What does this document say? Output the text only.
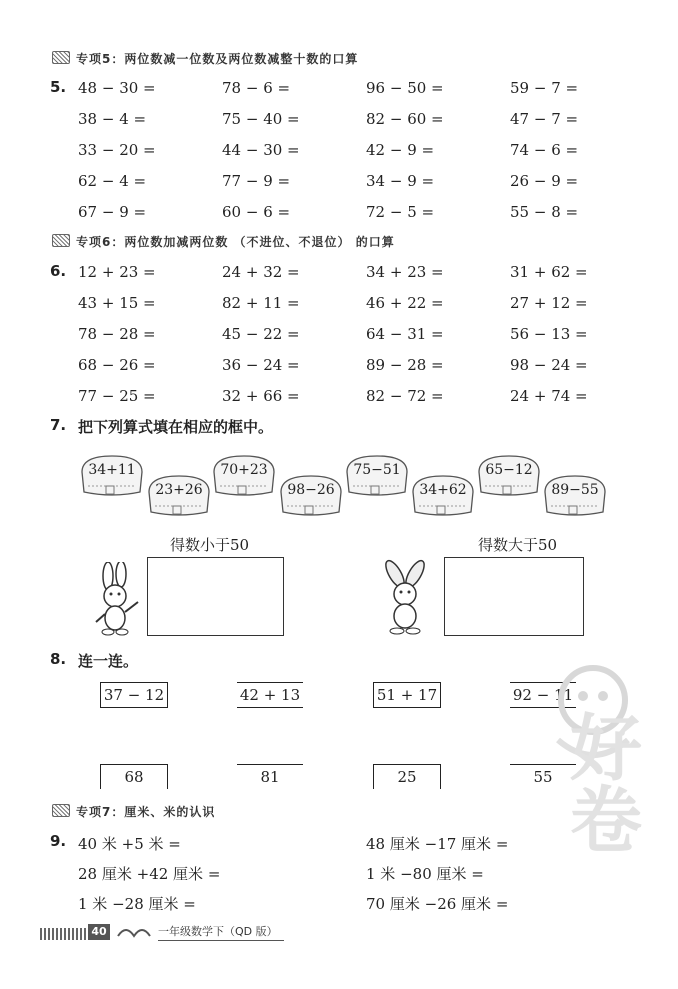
专项5：两位数减一位数及两位数减整十数的口算
5. 48 − 30 =	78 − 6 =	96 − 50 =	59 − 7 =
38 − 4 =	75 − 40 =	82 − 60 =	47 − 7 =
33 − 20 =	44 − 30 =	42 − 9 =	74 − 6 =
62 − 4 =	77 − 9 =	34 − 9 =	26 − 9 =
67 − 9 =	60 − 6 =	72 − 5 =	55 − 8 =
专项6：两位数加减两位数 （不进位、不退位） 的口算
6. 12 + 23 =	24 + 32 =	34 + 23 =	31 + 62 =
43 + 15 =	82 + 11 =	46 + 22 =	27 + 12 =
78 − 28 =	45 − 22 =	64 − 31 =	56 − 13 =
68 − 26 =	36 − 24 =	89 − 28 =	98 − 24 =
77 − 25 =	32 + 66 =	82 − 72 =	24 + 74 =
7. 把下列算式填在相应的框中。
34+11
23+26
70+23
98−26
75−51
34+62
65−12
89−55
得数小于50	得数大于50
8. 连一连。
37 − 12	42 + 13	51 + 17	92 − 11
68	81	25	55
专项7：厘米、米的认识
9. 40 米 +5 米 =	48 厘米 −17 厘米 =
28 厘米 +42 厘米 =	1 米 −80 厘米 =
1 米 −28 厘米 =	70 厘米 −26 厘米 =
好卷
40	一年级数学下（QD 版）
